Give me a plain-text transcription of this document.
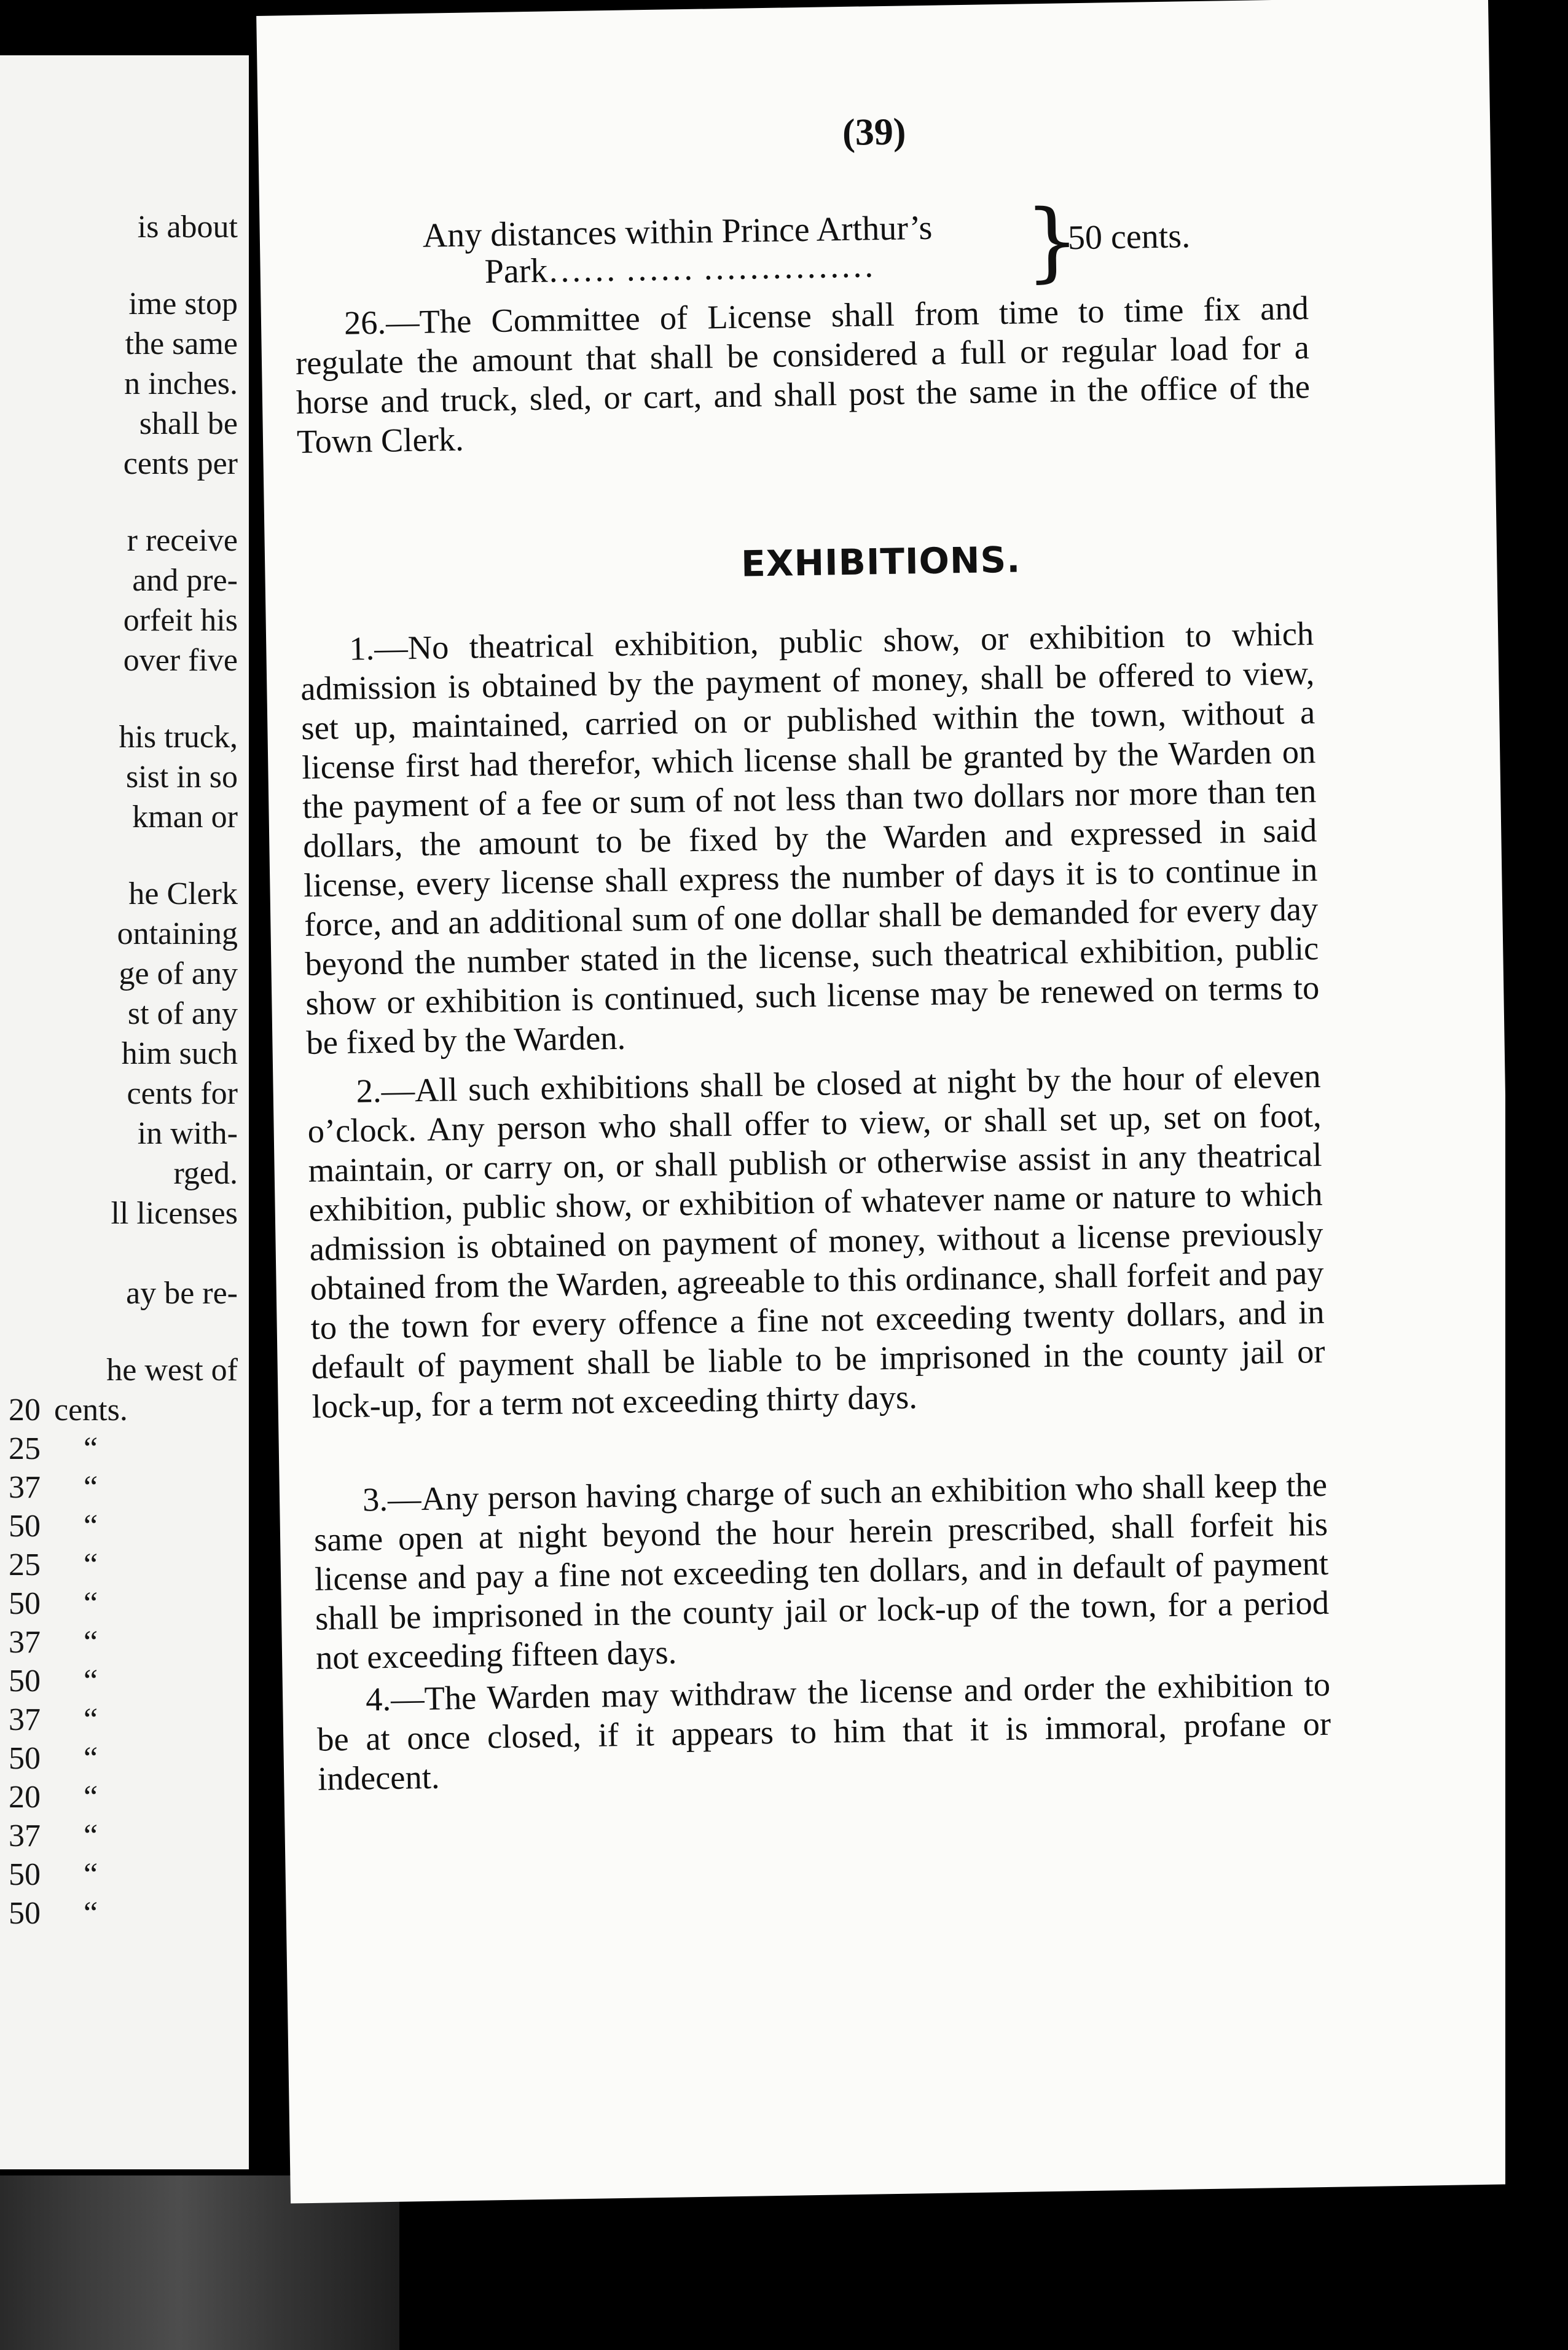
is about
ime stop
the same
n inches.
shall be
cents per
r receive
and pre-
orfeit his
over five
his truck,
sist in so
kman or
he Clerk
ontaining
ge of any
st of any
him such
cents for
in with-
rged.
ll licenses
ay be re-
he west of
20 cents.
25 “
37 “
50 “
25 “
50 “
37 “
50 “
37 “
50 “
20 “
37 “
50 “
50 “
(39)
Any distances within Prince Arthur’s
Park…… …… …………… }
50 cents.

26.—The Committee of License shall from time to time fix and regulate the amount that shall be considered a full or regular load for a horse and truck, sled, or cart, and shall post the same in the office of the Town Clerk.

EXHIBITIONS.

1.—No theatrical exhibition, public show, or exhibition to which admission is obtained by the payment of money, shall be offered to view, set up, maintained, carried on or published within the town, without a license first had therefor, which license shall be granted by the Warden on the payment of a fee or sum of not less than two dollars nor more than ten dollars, the amount to be fixed by the Warden and expressed in said license, every license shall express the number of days it is to continue in force, and an additional sum of one dollar shall be demanded for every day beyond the number stated in the license, such theatrical exhibition, public show or exhibition is continued, such license may be renewed on terms to be fixed by the Warden.

2.—All such exhibitions shall be closed at night by the hour of eleven o’clock. Any person who shall offer to view, or shall set up, set on foot, maintain, or carry on, or shall publish or otherwise assist in any theatrical exhibition, public show, or exhibition of whatever name or nature to which admission is obtained on payment of money, without a license previously obtained from the Warden, agreeable to this ordinance, shall forfeit and pay to the town for every offence a fine not exceeding twenty dollars, and in default of payment shall be liable to be imprisoned in the county jail or lock-up, for a term not exceeding thirty days.

3.—Any person having charge of such an exhibition who shall keep the same open at night beyond the hour herein prescribed, shall forfeit his license and pay a fine not exceeding ten dollars, and in default of payment shall be imprisoned in the county jail or lock-up of the town, for a period not exceeding fifteen days.

4.—The Warden may withdraw the license and order the exhibition to be at once closed, if it appears to him that it is immoral, profane or indecent.
